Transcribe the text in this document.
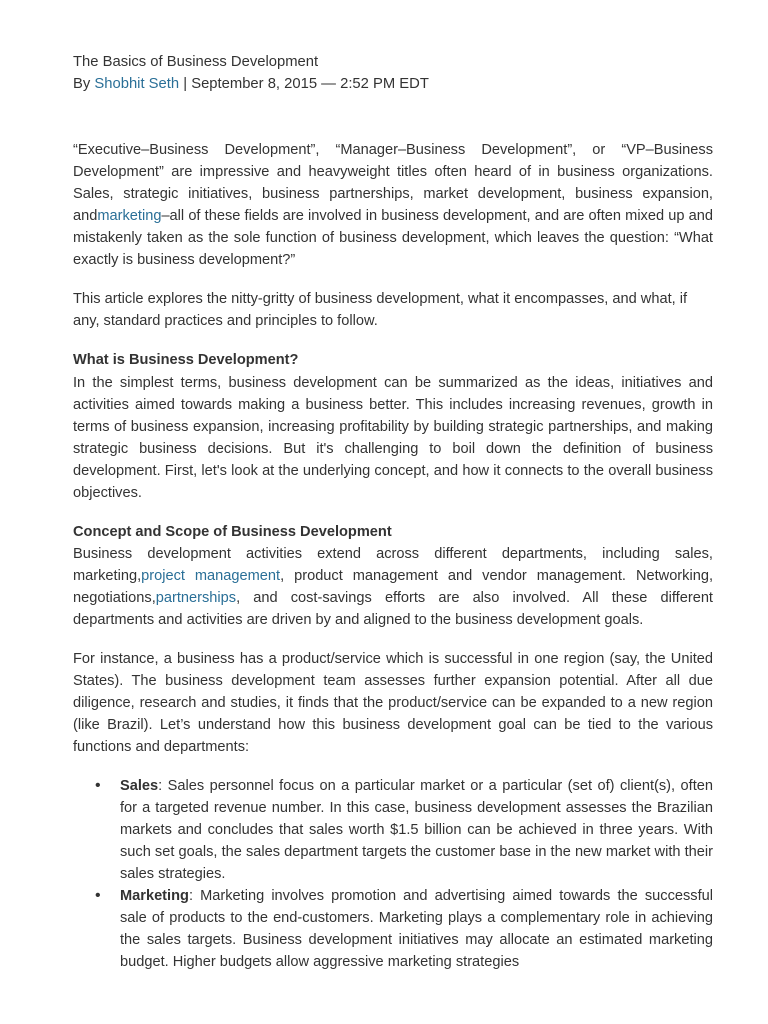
The Basics of Business Development

By Shobhit Seth | September 8, 2015 — 2:52 PM EDT

“Executive–Business Development”, “Manager–Business Development”, or “VP–Business Development” are impressive and heavyweight titles often heard of in business organizations. Sales, strategic initiatives, business partnerships, market development, business expansion, andmarketing–all of these fields are involved in business development, and are often mixed up and mistakenly taken as the sole function of business development, which leaves the question: “What exactly is business development?”

This article explores the nitty-gritty of business development, what it encompasses, and what, if any, standard practices and principles to follow.

What is Business Development?

In the simplest terms, business development can be summarized as the ideas, initiatives and activities aimed towards making a business better. This includes increasing revenues, growth in terms of business expansion, increasing profitability by building strategic partnerships, and making strategic business decisions. But it's challenging to boil down the definition of business development. First, let's look at the underlying concept, and how it connects to the overall business objectives.

Concept and Scope of Business Development

Business development activities extend across different departments, including sales, marketing,project management, product management and vendor management. Networking, negotiations,partnerships, and cost-savings efforts are also involved. All these different departments and activities are driven by and aligned to the business development goals.

For instance, a business has a product/service which is successful in one region (say, the United States). The business development team assesses further expansion potential. After all due diligence, research and studies, it finds that the product/service can be expanded to a new region (like Brazil). Let’s understand how this business development goal can be tied to the various functions and departments:

• Sales: Sales personnel focus on a particular market or a particular (set of) client(s), often for a targeted revenue number. In this case, business development assesses the Brazilian markets and concludes that sales worth $1.5 billion can be achieved in three years. With such set goals, the sales department targets the customer base in the new market with their sales strategies.
• Marketing: Marketing involves promotion and advertising aimed towards the successful sale of products to the end-customers. Marketing plays a complementary role in achieving the sales targets. Business development initiatives may allocate an estimated marketing budget. Higher budgets allow aggressive marketing strategies
